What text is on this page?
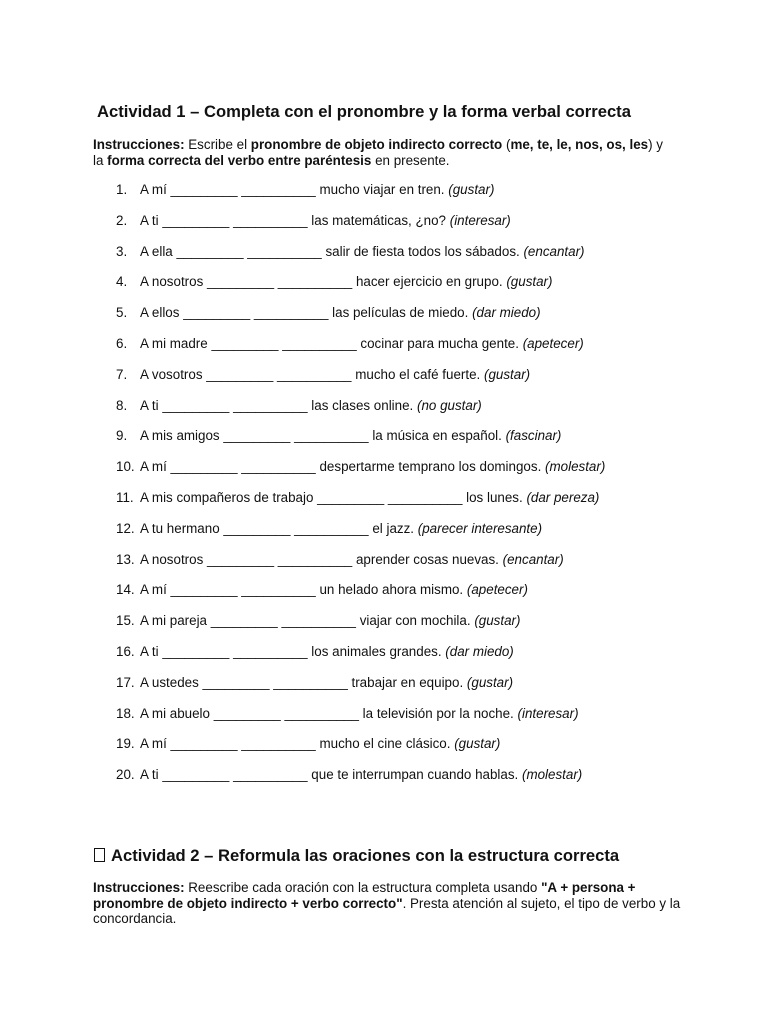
Actividad 1 – Completa con el pronombre y la forma verbal correcta

Instrucciones: Escribe el pronombre de objeto indirecto correcto (me, te, le, nos, os, les) y la forma correcta del verbo entre paréntesis en presente.

1. A mí _________ __________ mucho viajar en tren. (gustar)
2. A ti _________ __________ las matemáticas, ¿no? (interesar)
3. A ella _________ __________ salir de fiesta todos los sábados. (encantar)
4. A nosotros _________ __________ hacer ejercicio en grupo. (gustar)
5. A ellos _________ __________ las películas de miedo. (dar miedo)
6. A mi madre _________ __________ cocinar para mucha gente. (apetecer)
7. A vosotros _________ __________ mucho el café fuerte. (gustar)
8. A ti _________ __________ las clases online. (no gustar)
9. A mis amigos _________ __________ la música en español. (fascinar)
10. A mí _________ __________ despertarme temprano los domingos. (molestar)
11. A mis compañeros de trabajo _________ __________ los lunes. (dar pereza)
12. A tu hermano _________ __________ el jazz. (parecer interesante)
13. A nosotros _________ __________ aprender cosas nuevas. (encantar)
14. A mí _________ __________ un helado ahora mismo. (apetecer)
15. A mi pareja _________ __________ viajar con mochila. (gustar)
16. A ti _________ __________ los animales grandes. (dar miedo)
17. A ustedes _________ __________ trabajar en equipo. (gustar)
18. A mi abuelo _________ __________ la televisión por la noche. (interesar)
19. A mí _________ __________ mucho el cine clásico. (gustar)
20. A ti _________ __________ que te interrumpan cuando hablas. (molestar)
Actividad 2 – Reformula las oraciones con la estructura correcta

Instrucciones: Reescribe cada oración con la estructura completa usando "A + persona + pronombre de objeto indirecto + verbo correcto". Presta atención al sujeto, el tipo de verbo y la concordancia.
